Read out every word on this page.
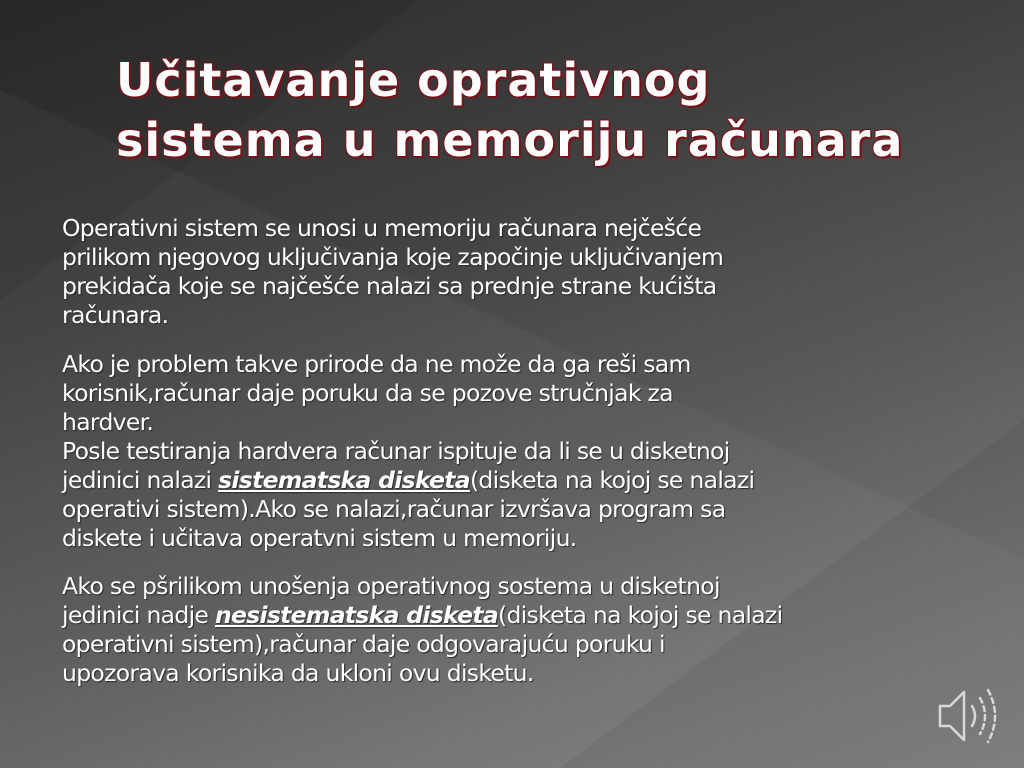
Učitavanje oprativnog
sistema u memoriju računara

Operativni sistem se unosi u memoriju računara nejčešće
prilikom njegovog uključivanja koje započinje uključivanjem
prekidača koje se najčešće nalazi sa prednje strane kućišta
računara.

Ako je problem takve prirode da ne može da ga reši sam
korisnik,računar daje poruku da se pozove stručnjak za
hardver.
Posle testiranja hardvera računar ispituje da li se u disketnoj
jedinici nalazi sistematska disketa(disketa na kojoj se nalazi
operativi sistem).Ako se nalazi,računar izvršava program sa
diskete i učitava operatvni sistem u memoriju.

Ako se pšrilikom unošenja operativnog sostema u disketnoj
jedinici nadje nesistematska disketa(disketa na kojoj se nalazi
operativni sistem),računar daje odgovarajuću poruku i
upozorava korisnika da ukloni ovu disketu.
